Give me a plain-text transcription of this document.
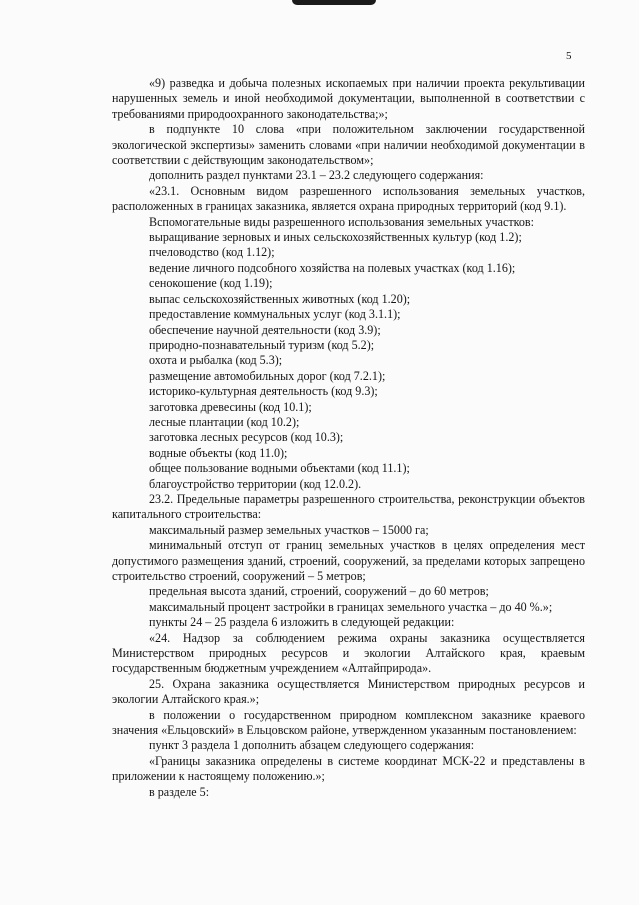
5

«9) разведка и добыча полезных ископаемых при наличии проекта рекультивации нарушенных земель и иной необходимой документации, выполненной в соответствии с требованиями природоохранного законодательства;»;

в подпункте 10 слова «при положительном заключении государственной экологической экспертизы» заменить словами «при наличии необходимой документации в соответствии с действующим законодательством»;

дополнить раздел пунктами 23.1 – 23.2 следующего содержания:

«23.1. Основным видом разрешенного использования земельных участков, расположенных в границах заказника, является охрана природных территорий (код 9.1).

Вспомогательные виды разрешенного использования земельных участков:

выращивание зерновых и иных сельскохозяйственных культур (код 1.2);

пчеловодство (код 1.12);

ведение личного подсобного хозяйства на полевых участках (код 1.16);

сенокошение (код 1.19);

выпас сельскохозяйственных животных (код 1.20);

предоставление коммунальных услуг (код 3.1.1);

обеспечение научной деятельности (код 3.9);

природно-познавательный туризм (код 5.2);

охота и рыбалка (код 5.3);

размещение автомобильных дорог (код 7.2.1);

историко-культурная деятельность (код 9.3);

заготовка древесины (код 10.1);

лесные плантации (код 10.2);

заготовка лесных ресурсов (код 10.3);

водные объекты (код 11.0);

общее пользование водными объектами (код 11.1);

благоустройство территории (код 12.0.2).

23.2. Предельные параметры разрешенного строительства, реконструкции объектов капитального строительства:

максимальный размер земельных участков – 15000 га;

минимальный отступ от границ земельных участков в целях определения мест допустимого размещения зданий, строений, сооружений, за пределами которых запрещено строительство строений, сооружений – 5 метров;

предельная высота зданий, строений, сооружений – до 60 метров;

максимальный процент застройки в границах земельного участка – до 40 %.»;

пункты 24 – 25 раздела 6 изложить в следующей редакции:

«24. Надзор за соблюдением режима охраны заказника осуществляется Министерством природных ресурсов и экологии Алтайского края, краевым государственным бюджетным учреждением «Алтайприрода».

25. Охрана заказника осуществляется Министерством природных ресурсов и экологии Алтайского края.»;

в положении о государственном природном комплексном заказнике краевого значения «Ельцовский» в Ельцовском районе, утвержденном указанным постановлением:

пункт 3 раздела 1 дополнить абзацем следующего содержания:

«Границы заказника определены в системе координат МСК-22 и представлены в приложении к настоящему положению.»;

в разделе 5:
